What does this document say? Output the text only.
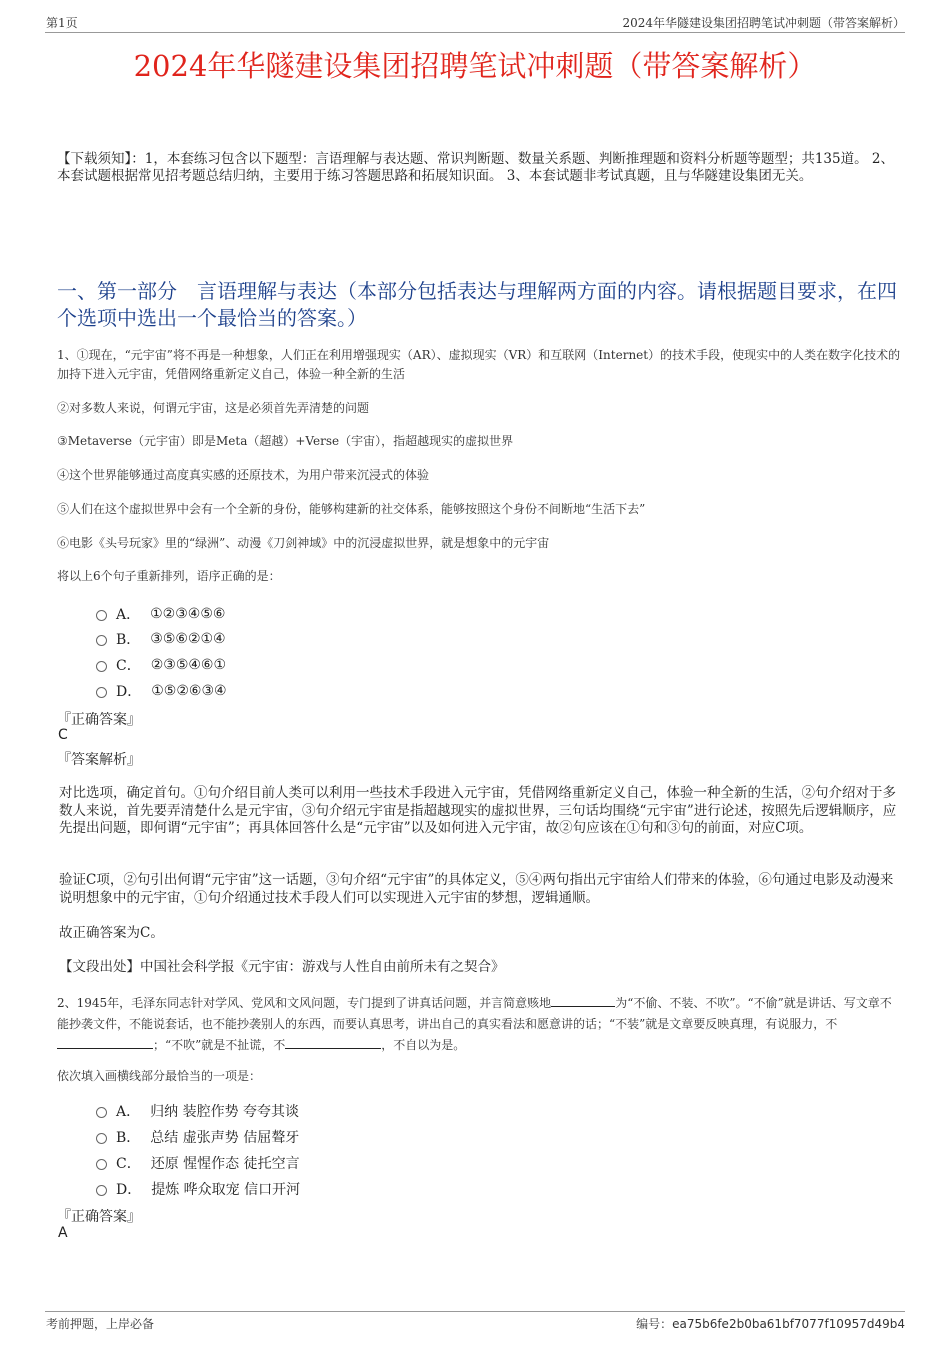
第1页	2024年华隧建设集团招聘笔试冲刺题（带答案解析）
2024年华隧建设集团招聘笔试冲刺题（带答案解析）
【下载须知】：1，本套练习包含以下题型：言语理解与表达题、常识判断题、数量关系题、判断推理题和资料分析题等题型；共135道。 2、本套试题根据常见招考题总结归纳，主要用于练习答题思路和拓展知识面。 3、本套试题非考试真题，且与华隧建设集团无关。
一、第一部分　言语理解与表达（本部分包括表达与理解两方面的内容。请根据题目要求，在四个选项中选出一个最恰当的答案。）
1、①现在，“元宇宙”将不再是一种想象，人们正在利用增强现实（AR）、虚拟现实（VR）和互联网（Internet）的技术手段，使现实中的人类在数字化技术的加持下进入元宇宙，凭借网络重新定义自己，体验一种全新的生活
②对多数人来说，何谓元宇宙，这是必须首先弄清楚的问题
③Metaverse（元宇宙）即是Meta（超越）+Verse（宇宙），指超越现实的虚拟世界
④这个世界能够通过高度真实感的还原技术，为用户带来沉浸式的体验
⑤人们在这个虚拟世界中会有一个全新的身份，能够构建新的社交体系，能够按照这个身份不间断地“生活下去”
⑥电影《头号玩家》里的“绿洲”、动漫《刀剑神域》中的沉浸虚拟世界，就是想象中的元宇宙
将以上6个句子重新排列，语序正确的是：
A． ①②③④⑤⑥
B． ③⑤⑥②①④
C． ②③⑤④⑥①
D． ①⑤②⑥③④
『正确答案』
C
『答案解析』
对比选项，确定首句。①句介绍目前人类可以利用一些技术手段进入元宇宙，凭借网络重新定义自己，体验一种全新的生活，②句介绍对于多数人来说，首先要弄清楚什么是元宇宙，③句介绍元宇宙是指超越现实的虚拟世界，三句话均围绕“元宇宙”进行论述，按照先后逻辑顺序，应先提出问题，即何谓“元宇宙”；再具体回答什么是“元宇宙”以及如何进入元宇宙，故②句应该在①句和③句的前面，对应C项。
验证C项，②句引出何谓“元宇宙”这一话题，③句介绍“元宇宙”的具体定义，⑤④两句指出元宇宙给人们带来的体验，⑥句通过电影及动漫来说明想象中的元宇宙，①句介绍通过技术手段人们可以实现进入元宇宙的梦想，逻辑通顺。
故正确答案为C。
【文段出处】中国社会科学报《元宇宙：游戏与人性自由前所未有之契合》
2、1945年，毛泽东同志针对学风、党风和文风问题，专门提到了讲真话问题，并言简意赅地	为“不偷、不装、不吹”。“不偷”就是讲话、写文章不能抄袭文件，不能说套话，也不能抄袭别人的东西，而要认真思考，讲出自己的真实看法和愿意讲的话；“不装”就是文章要反映真理，有说服力，不；“不吹”就是不扯谎，不	，不自以为是。
依次填入画横线部分最恰当的一项是：
A． 归纳 装腔作势 夸夸其谈
B． 总结 虚张声势 佶屈聱牙
C． 还原 惺惺作态 徒托空言
D． 提炼 哗众取宠 信口开河
『正确答案』
A
考前押题，上岸必备	编号：ea75b6fe2b0ba61bf7077f10957d49b4
